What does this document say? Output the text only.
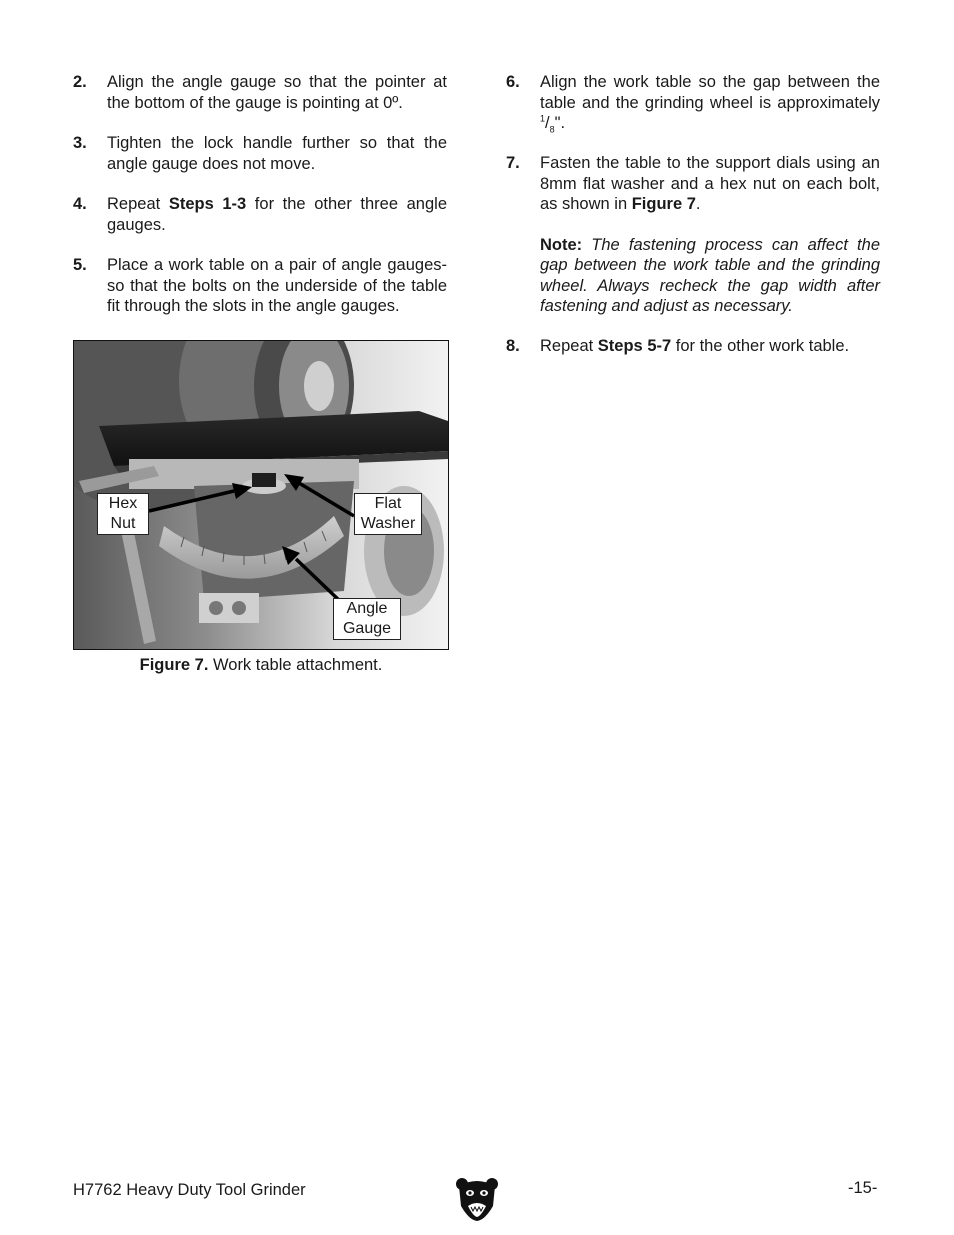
2.	Align the angle gauge so that the pointer at the bottom of the gauge is pointing at 0º.
3.	Tighten the lock handle further so that the angle gauge does not move.
4.	Repeat Steps 1-3 for the other three angle gauges.
5.	Place a work table on a pair of angle gauges-so that the bolts on the underside of the table fit through the slots in the angle gauges.
Hex
Nut
Flat
Washer
Angle
Gauge
Figure 7. Work table attachment.
6.	Align the work table so the gap between the table and the grinding wheel is approximately $^1/_8$".
7.	Fasten the table to the support dials using an 8mm flat washer and a hex nut on each bolt, as shown in Figure 7.

Note: The fastening process can affect the gap between the work table and the grinding wheel. Always recheck the gap width after fastening and adjust as necessary.

8.	Repeat Steps 5-7 for the other work table.
H7762 Heavy Duty Tool Grinder	-15-
